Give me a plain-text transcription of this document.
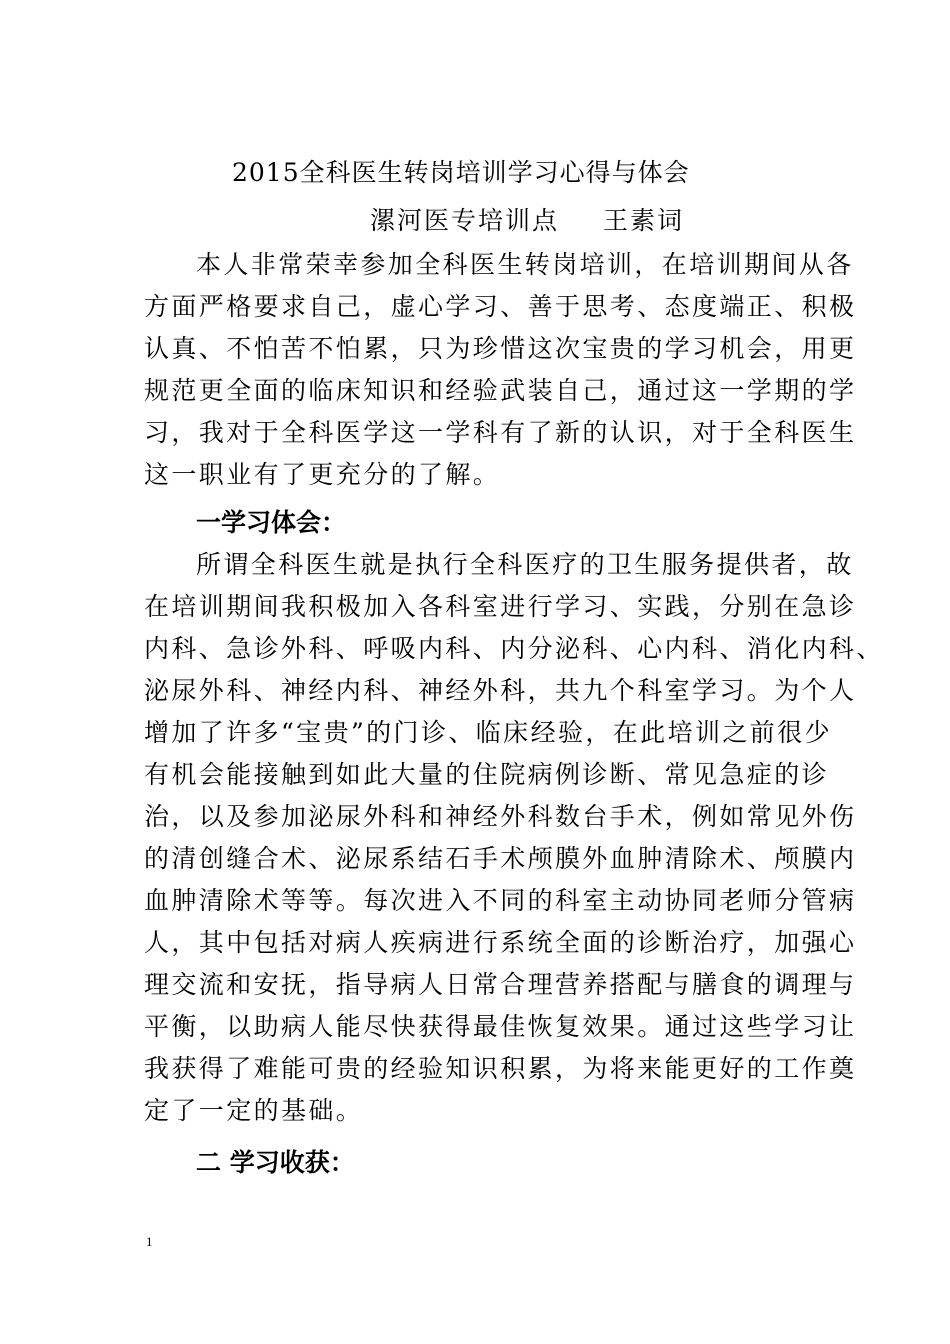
2015全科医生转岗培训学习心得与体会
漯河医专培训点 王素词
本人非常荣幸参加全科医生转岗培训，在培训期间从各
方面严格要求自己，虚心学习、善于思考、态度端正、积极
认真、不怕苦不怕累，只为珍惜这次宝贵的学习机会，用更
规范更全面的临床知识和经验武装自己，通过这一学期的学
习，我对于全科医学这一学科有了新的认识，对于全科医生
这一职业有了更充分的了解。
一学习体会：
所谓全科医生就是执行全科医疗的卫生服务提供者，故
在培训期间我积极加入各科室进行学习、实践，分别在急诊
内科、急诊外科、呼吸内科、内分泌科、心内科、消化内科、
泌尿外科、神经内科、神经外科，共九个科室学习。为个人
增加了许多“宝贵”的门诊、临床经验，在此培训之前很少
有机会能接触到如此大量的住院病例诊断、常见急症的诊
治，以及参加泌尿外科和神经外科数台手术，例如常见外伤
的清创缝合术、泌尿系结石手术颅膜外血肿清除术、颅膜内
血肿清除术等等。每次进入不同的科室主动协同老师分管病
人，其中包括对病人疾病进行系统全面的诊断治疗，加强心
理交流和安抚，指导病人日常合理营养搭配与膳食的调理与
平衡，以助病人能尽快获得最佳恢复效果。通过这些学习让
我获得了难能可贵的经验知识积累，为将来能更好的工作奠
定了一定的基础。
二 学习收获：
1
